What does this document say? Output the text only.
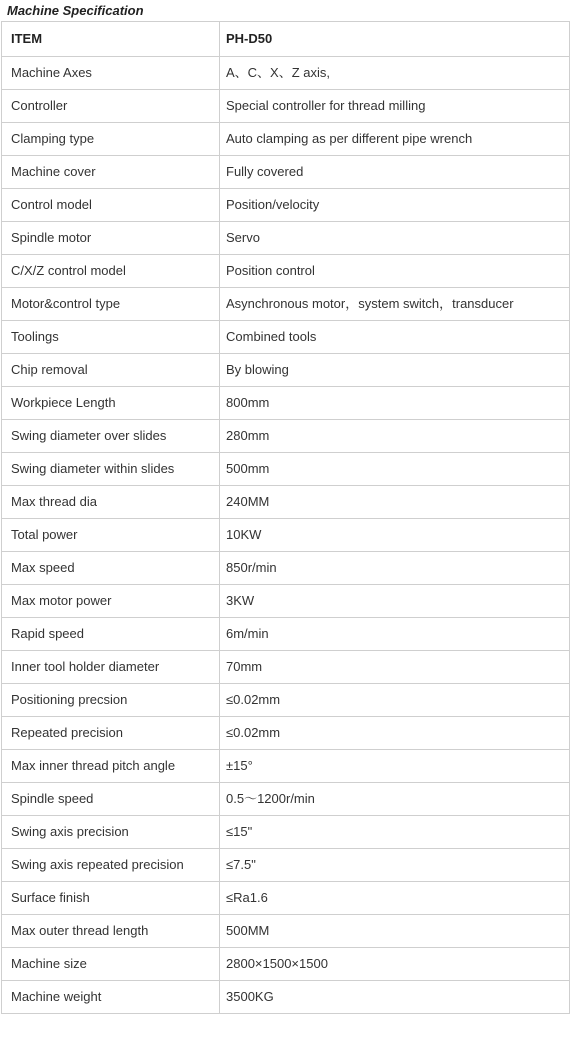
Machine Specification
ITEM	PH-D50
Machine Axes	A、C、X、Z axis,
Controller	Special controller for thread milling
Clamping type	Auto clamping as per different pipe wrench
Machine cover	Fully covered
Control model	Position/velocity
Spindle motor	Servo
C/X/Z control model	Position control
Motor&control type	Asynchronous motor，system switch，transducer
Toolings	Combined tools
Chip removal	By blowing
Workpiece Length	800mm
Swing diameter over slides	280mm
Swing diameter within slides	500mm
Max thread dia	240MM
Total power	10KW
Max speed	850r/min
Max motor power	3KW
Rapid speed	6m/min
Inner tool holder diameter	70mm
Positioning precsion	≤0.02mm
Repeated precision	≤0.02mm
Max inner thread pitch angle	±15°
Spindle speed	0.5～1200r/min
Swing axis precision	≤15"
Swing axis repeated precision	≤7.5"
Surface finish	≤Ra1.6
Max outer thread length	500MM
Machine size	2800×1500×1500
Machine weight	3500KG
